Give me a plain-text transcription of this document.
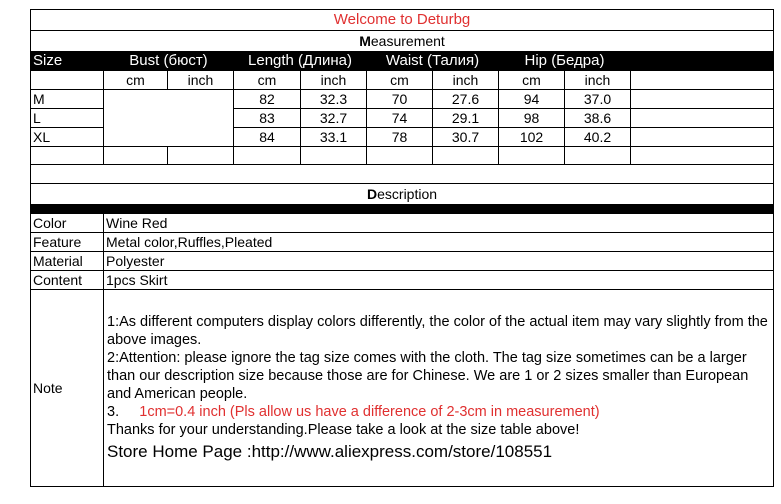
Welcome to Deturbg									
Measurement									
Size	Bust (бюст)		Length (Длина)		Waist (Талия)		Hip (Бедра)		
	cm	inch	cm	inch	cm	inch	cm	inch	
M			82	32.3	70	27.6	94	37.0	
L			83	32.7	74	29.1	98	38.6	
XL			84	33.1	78	30.7	102	40.2	

Description									

Color	Wine Red								
Feature	Metal color,Ruffles,Pleated								
Material	Polyester								
Content	1pcs Skirt								
Note	1:As different computers display colors differently, the color of the actual item may vary slightly from the above images.
2:Attention: please ignore the tag size comes with the cloth. The tag size sometimes can be a larger than our description size because those are for Chinese. We are 1 or 2 sizes smaller than European and American people.
3. 1cm=0.4 inch (Pls allow us have a difference of 2-3cm in measurement)
Thanks for your understanding.Please take a look at the size table above!
Store Home Page :http://www.aliexpress.com/store/108551								
